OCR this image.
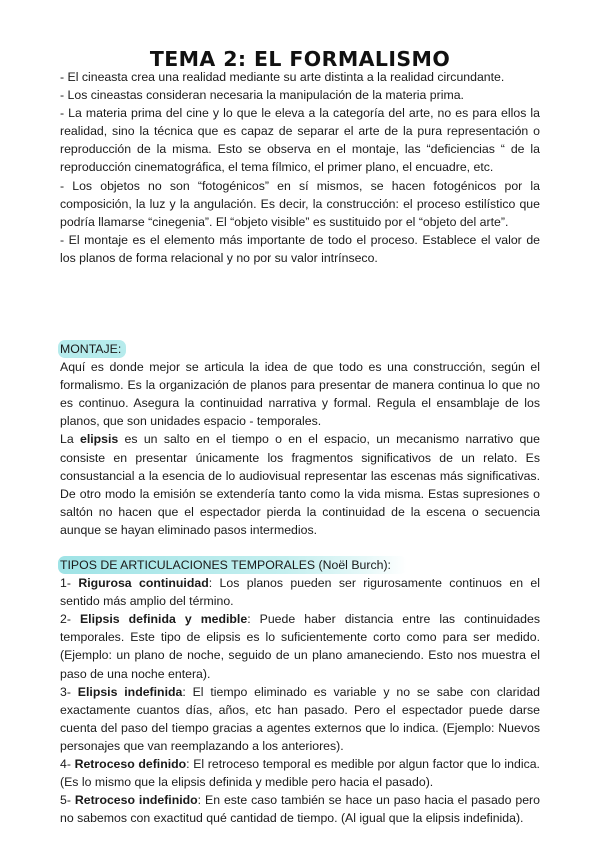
TEMA 2: EL FORMALISMO

- El cineasta crea una realidad mediante su arte distinta a la realidad circundante.

- Los cineastas consideran necesaria la manipulación de la materia prima.

- La materia prima del cine y lo que le eleva a la categoría del arte, no es para ellos la realidad, sino la técnica que es capaz de separar el arte de la pura representación o reproducción de la misma. Esto se observa en el montaje, las “deficiencias “ de la reproducción cinematográfica, el tema fílmico, el primer plano, el encuadre, etc.

- Los objetos no son “fotogénicos” en sí mismos, se hacen fotogénicos por la composición, la luz y la angulación. Es decir, la construcción: el proceso estilístico que podría llamarse “cinegenia”. El “objeto visible” es sustituido por el “objeto del arte”.

- El montaje es el elemento más importante de todo el proceso. Establece el valor de los planos de forma relacional y no por su valor intrínseco.

MONTAJE:

Aquí es donde mejor se articula la idea de que todo es una construcción, según el formalismo. Es la organización de planos para presentar de manera continua lo que no es continuo. Asegura la continuidad narrativa y formal. Regula el ensamblaje de los planos, que son unidades espacio - temporales.

La elipsis es un salto en el tiempo o en el espacio, un mecanismo narrativo que consiste en presentar únicamente los fragmentos significativos de un relato. Es consustancial a la esencia de lo audiovisual representar las escenas más significativas. De otro modo la emisión se extendería tanto como la vida misma. Estas supresiones o saltón no hacen que el espectador pierda la continuidad de la escena o secuencia aunque se hayan eliminado pasos intermedios.

TIPOS DE ARTICULACIONES TEMPORALES (Noël Burch):

1- Rigurosa continuidad: Los planos pueden ser rigurosamente continuos en el sentido más amplio del término.

2- Elipsis definida y medible: Puede haber distancia entre las continuidades temporales. Este tipo de elipsis es lo suficientemente corto como para ser medido. (Ejemplo: un plano de noche, seguido de un plano amaneciendo. Esto nos muestra el paso de una noche entera).

3- Elipsis indefinida: El tiempo eliminado es variable y no se sabe con claridad exactamente cuantos días, años, etc han pasado. Pero el espectador puede darse cuenta del paso del tiempo gracias a agentes externos que lo indica. (Ejemplo: Nuevos personajes que van reemplazando a los anteriores).

4- Retroceso definido: El retroceso temporal es medible por algun factor que lo indica. (Es lo mismo que la elipsis definida y medible pero hacia el pasado).

5- Retroceso indefinido: En este caso también se hace un paso hacia el pasado pero no sabemos con exactitud qué cantidad de tiempo. (Al igual que la elipsis indefinida).
